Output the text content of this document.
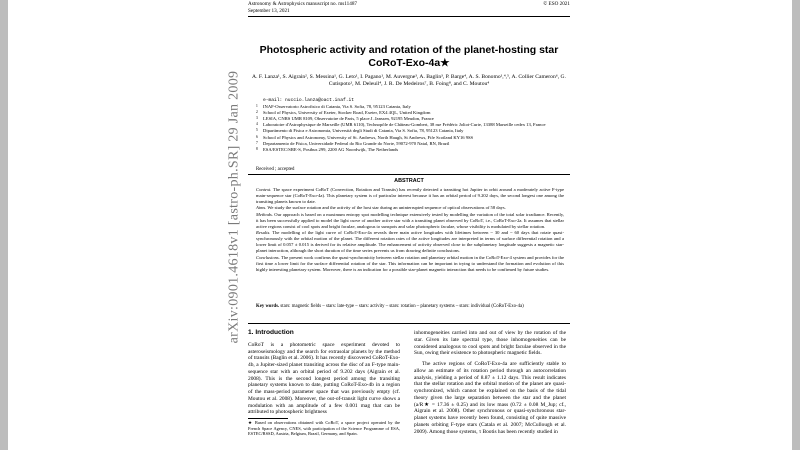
arXiv:0901.4618v1 [astro-ph.SR] 29 Jan 2009
Astronomy & Astrophysics manuscript no. ms11487
September 13, 2021
© ESO 2021
Photospheric activity and rotation of the planet-hosting star
CoRoT-Exo-4a★
A. F. Lanza¹, S. Aigrain², S. Messina¹, G. Leto¹, I. Pagano¹, M. Auvergne³, A. Baglin³, P. Barge⁴, A. S. Bonomo¹,⁴,⁵, A. Collier Cameron⁶, G. Cutispoto¹, M. Deleuil⁴, J. R. De Medeiros⁷, B. Foing⁸, and C. Moutou⁴
e-mail: nuccio.lanza@oact.inaf.it
1 INAF-Osservatorio Astrofisico di Catania, Via S. Sofia, 78, 95123 Catania, Italy
2 School of Physics, University of Exeter, Stocker Road, Exeter, EX4 4QL, United Kingdom
3 LESIA, CNRS UMR 8109, Observatoire de Paris, 5 place J. Janssen, 92195 Meudon, France
4 Laboratoire d'Astrophysique de Marseille (UMR 6110), Technopôle de Château-Gombert, 38 rue Frédéric Joliot-Curie, 13388 Marseille cedex 13, France
5 Dipartimento di Fisica e Astronomia, Università degli Studi di Catania, Via S. Sofia, 78, 95123 Catania, Italy
6 School of Physics and Astronomy, University of St. Andrews, North Haugh, St Andrews, Fife Scotland KY16 9SS
7 Departamento de Física, Universidade Federal do Rio Grande do Norte, 59072-970 Natal, RN, Brazil
8 ESA/ESTEC/SRE-S, Postbus 299, 2200 AG Noordwijk, The Netherlands
Received ; accepted
ABSTRACT

Context. The space experiment CoRoT (Convection, Rotation and Transits) has recently detected a transiting hot Jupiter in orbit around a moderately active F-type main-sequence star (CoRoT-Exo-4a). This planetary system is of particular interest because it has an orbital period of 9.202 days, the second longest one among the transiting planets known to date.

Aims. We study the surface rotation and the activity of the host star during an uninterrupted sequence of optical observations of 58 days.

Methods. Our approach is based on a maximum entropy spot modelling technique extensively tested by modelling the variation of the total solar irradiance. Recently, it has been successfully applied to model the light curve of another active star with a transiting planet observed by CoRoT, i.e., CoRoT-Exo-2a. It assumes that stellar active regions consist of cool spots and bright faculae, analogous to sunspots and solar photospheric faculae, whose visibility is modulated by stellar rotation.

Results. The modelling of the light curve of CoRoT-Exo-4a reveals three main active longitudes with lifetimes between ~ 30 and ~ 60 days that rotate quasi-synchronously with the orbital motion of the planet. The different rotation rates of the active longitudes are interpreted in terms of surface differential rotation and a lower limit of 0.057 ± 0.015 is derived for its relative amplitude. The enhancement of activity observed close to the subplanetary longitude suggests a magnetic star-planet interaction, although the short duration of the time series prevents us from drawing definite conclusions.

Conclusions. The present work confirms the quasi-synchronicity between stellar rotation and planetary orbital motion in the CoRoT-Exo-4 system and provides for the first time a lower limit for the surface differential rotation of the star. This information can be important in trying to understand the formation and evolution of this highly interesting planetary system. Moreover, there is an indication for a possible star-planet magnetic interaction that needs to be confirmed by future studies.

Key words. stars: magnetic fields – stars: late-type – stars: activity – stars: rotation – planetary systems – stars: individual (CoRoT-Exo-4a)
1. Introduction

CoRoT is a photometric space experiment devoted to asteroseismology and the search for extrasolar planets by the method of transits (Baglin et al. 2006). It has recently discovered CoRoT-Exo-4b, a Jupiter-sized planet transiting across the disc of an F-type main-sequence star with an orbital period of 9.202 days (Aigrain et al. 2008). This is the second longest period among the transiting planetary systems known to date, putting CoRoT-Exo-4b in a region of the mass-period parameter space that was previously empty (cf. Moutou et al. 2008). Moreover, the out-of-transit light curve shows a modulation with an amplitude of a few 0.001 mag that can be attributed to photospheric brightness

★ Based on observations obtained with CoRoT, a space project operated by the French Space Agency, CNES, with participation of the Science Programme of ESA, ESTEC/RSSD, Austria, Belgium, Brazil, Germany, and Spain.

inhomogeneities carried into and out of view by the rotation of the star. Given its late spectral type, those inhomogeneities can be considered analogous to cool spots and bright faculae observed in the Sun, owing their existence to photospheric magnetic fields.

The active regions of CoRoT-Exo-4a are sufficiently stable to allow an estimate of its rotation period through an autocorrelation analysis, yielding a period of 8.87 ± 1.12 days. This result indicates that the stellar rotation and the orbital motion of the planet are quasi-synchronized, which cannot be explained on the basis of the tidal theory given the large separation between the star and the planet (a/R★ = 17.36 ± 0.25) and its low mass (0.72 ± 0.08 M_Jup; cf., Aigrain et al. 2008). Other synchronous or quasi-synchronous star-planet systems have recently been found, consisting of quite massive planets orbiting F-type stars (Catala et al. 2007; McCullough et al. 2009). Among those systems, τ Bootis has been recently studied in
